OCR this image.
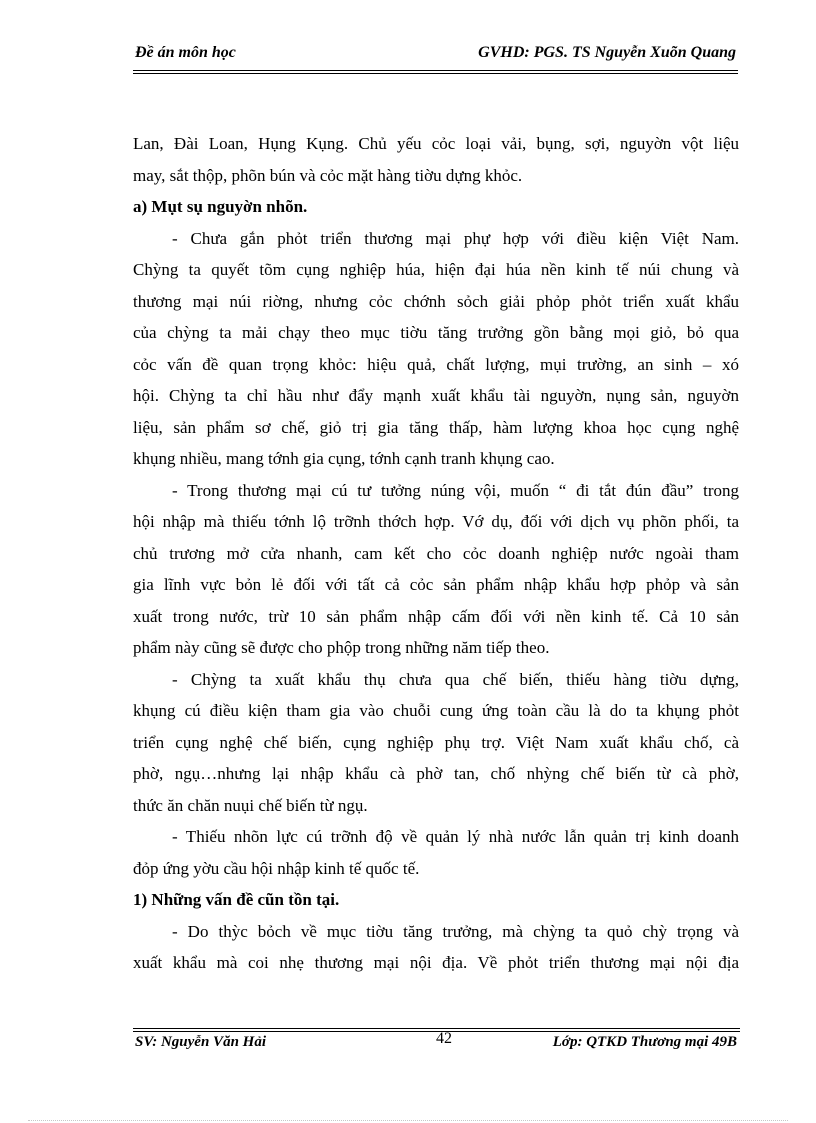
Đề án môn học	GVHD: PGS. TS Nguyễn Xuõn Quang
Lan, Đài Loan, Hụng Kụng. Chủ yếu cỏc loại vải, bụng, sợi, nguyờn vột liệu
may, sắt thộp, phõn bún và cỏc mặt hàng tiờu dựng khỏc.
a) Mụt sụ nguyờn nhõn.
- Chưa gắn phỏt triển thương mại phự hợp với điều kiện Việt Nam.
Chỳng ta quyết tõm cụng nghiệp húa, hiện đại húa nền kinh tế núi chung và
thương mại núi riờng, nhưng cỏc chớnh sỏch giải phỏp phỏt triển xuất khẩu
của chỳng ta mải chạy theo mục tiờu tăng trưởng gồn bằng mọi giỏ, bỏ qua
cỏc vấn đề quan trọng khỏc: hiệu quả, chất lượng, mụi trường, an sinh – xó
hội. Chỳng ta chỉ hầu như đẩy mạnh xuất khẩu tài nguyờn, nụng sản, nguyờn
liệu, sản phẩm sơ chế, giỏ trị gia tăng thấp, hàm lượng khoa học cụng nghệ
khụng nhiều, mang tớnh gia cụng, tớnh cạnh tranh khụng cao.
- Trong thương mại cú tư tưởng núng vội, muốn “ đi tắt đún đầu” trong
hội nhập mà thiếu tớnh lộ trỡnh thớch hợp. Vớ dụ, đối với dịch vụ phõn phối, ta
chủ trương mở cửa nhanh, cam kết cho cỏc doanh nghiệp nước ngoài tham
gia lĩnh vực bỏn lẻ đối với tất cả cỏc sản phẩm nhập khẩu hợp phỏp và sản
xuất trong nước, trừ 10 sản phẩm nhập cấm đối với nền kinh tế. Cả 10 sản
phẩm này cũng sẽ được cho phộp trong những năm tiếp theo.
- Chỳng ta xuất khẩu thụ chưa qua chế biến, thiếu hàng tiờu dựng,
khụng cú điều kiện tham gia vào chuỗi cung ứng toàn cầu là do ta khụng phỏt
triển cụng nghệ chế biến, cụng nghiệp phụ trợ. Việt Nam xuất khẩu chố, cà
phờ, ngụ…nhưng lại nhập khẩu cà phờ tan, chố nhỳng chế biến từ cà phờ,
thức ăn chăn nuụi chế biến từ ngụ.
- Thiếu nhõn lực cú trỡnh độ về quản lý nhà nước lẫn quản trị kinh doanh
đỏp ứng yờu cầu hội nhập kinh tế quốc tế.
1) Những vấn đề cũn tồn tại.
- Do thỳc bỏch về mục tiờu tăng trưởng, mà chỳng ta quỏ chỳ trọng và
xuất khẩu mà coi nhẹ thương mại nội địa. Về phỏt triển thương mại nội địa
SV: Nguyễn Văn Hải	42	Lớp: QTKD Thương mại 49B
